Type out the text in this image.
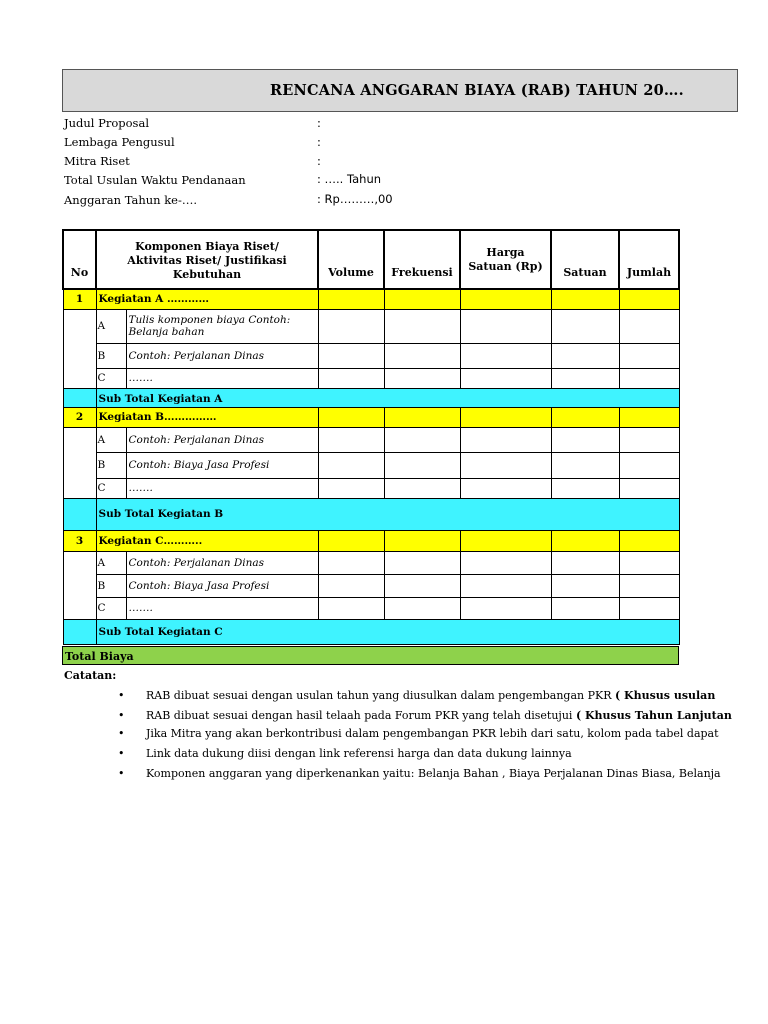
RENCANA ANGGARAN BIAYA (RAB) TAHUN 20….
Judul Proposal	:
Lembaga Pengusul	:
Mitra Riset	:
Total Usulan Waktu Pendanaan	: ….. Tahun
Anggaran Tahun ke-….	: Rp………,00
No	Komponen Biaya Riset/ Aktivitas Riset/ Justifikasi Kebutuhan		Volume	Frekuensi	Harga Satuan (Rp)	Satuan	Jumlah
1	Kegiatan A …………						
	A	Tulis komponen biaya Contoh: Belanja bahan					
	B	Contoh: Perjalanan Dinas					
	C	…….					
	Sub Total Kegiatan A						
2	Kegiatan B……………						
	A	Contoh: Perjalanan Dinas					
	B	Contoh: Biaya Jasa Profesi					
	C	…….					
	Sub Total Kegiatan B						
3	Kegiatan C………..						
	A	Contoh: Perjalanan Dinas					
	B	Contoh: Biaya Jasa Profesi					
	C	…….					
	Sub Total Kegiatan C						
Total Biaya
Catatan:
• RAB dibuat sesuai dengan usulan tahun yang diusulkan dalam pengembangan PKR ( Khusus usulan
• RAB dibuat sesuai dengan hasil telaah pada Forum PKR yang telah disetujui ( Khusus Tahun Lanjutan
• Jika Mitra yang akan berkontribusi dalam pengembangan PKR lebih dari satu, kolom pada tabel dapat
• Link data dukung diisi dengan link referensi harga dan data dukung lainnya
• Komponen anggaran yang diperkenankan yaitu: Belanja Bahan , Biaya Perjalanan Dinas Biasa, Belanja
